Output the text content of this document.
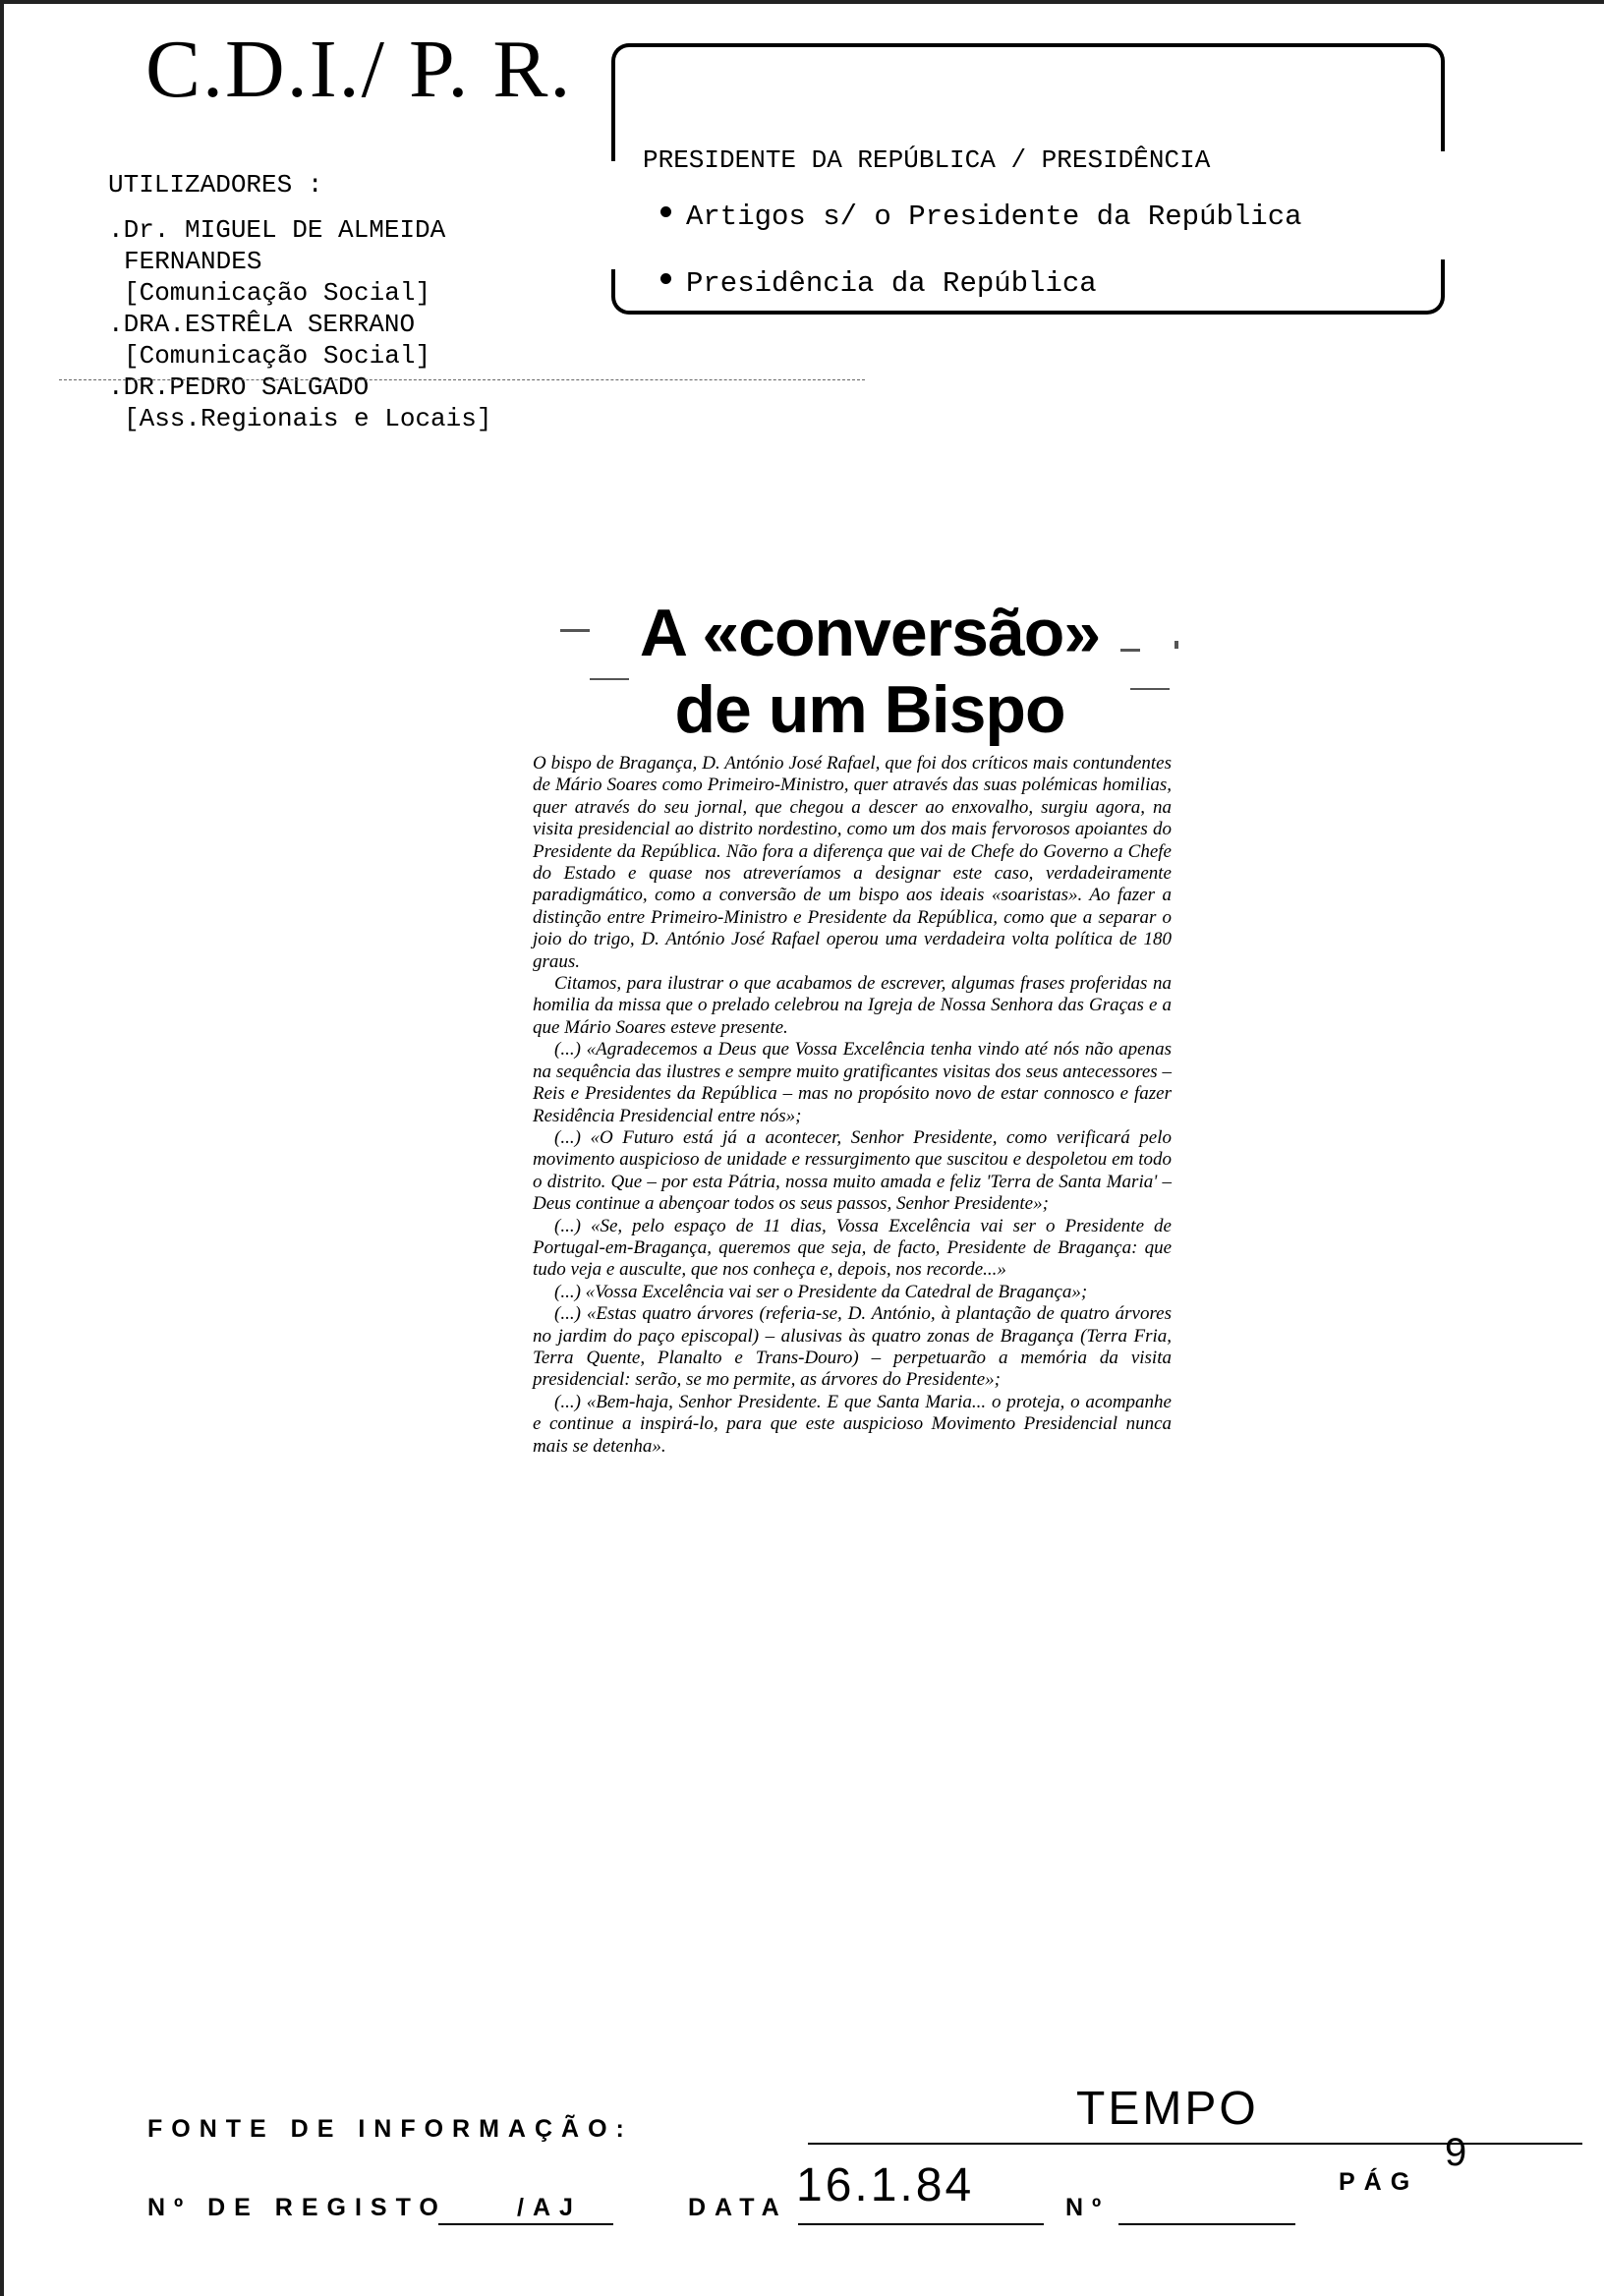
C.D.I./ P. R.
UTILIZADORES :
.Dr. MIGUEL DE ALMEIDA
FERNANDES
[Comunicação Social]
.DRA.ESTRÊLA SERRANO
[Comunicação Social]
.DR.PEDRO SALGADO
[Ass.Regionais e Locais]
PRESIDENTE DA REPÚBLICA / PRESIDÊNCIA
Artigos s/ o Presidente da República
Presidência da República
A «conversão»
de um Bispo

O bispo de Bragança, D. António José Rafael, que foi dos críticos mais contundentes de Mário Soares como Primeiro-Ministro, quer através das suas polémicas homilias, quer através do seu jornal, que chegou a descer ao enxovalho, surgiu agora, na visita presidencial ao distrito nordestino, como um dos mais fervorosos apoiantes do Presidente da República. Não fora a diferença que vai de Chefe do Governo a Chefe do Estado e quase nos atreveríamos a designar este caso, verdadeiramente paradigmático, como a conversão de um bispo aos ideais «soaristas». Ao fazer a distinção entre Primeiro-Ministro e Presidente da República, como que a separar o joio do trigo, D. António José Rafael operou uma verdadeira volta política de 180 graus.

Citamos, para ilustrar o que acabamos de escrever, algumas frases proferidas na homilia da missa que o prelado celebrou na Igreja de Nossa Senhora das Graças e a que Mário Soares esteve presente.

(...) «Agradecemos a Deus que Vossa Excelência tenha vindo até nós não apenas na sequência das ilustres e sempre muito gratificantes visitas dos seus antecessores – Reis e Presidentes da República – mas no propósito novo de estar connosco e fazer Residência Presidencial entre nós»;

(...) «O Futuro está já a acontecer, Senhor Presidente, como verificará pelo movimento auspicioso de unidade e ressurgimento que suscitou e despoletou em todo o distrito. Que – por esta Pátria, nossa muito amada e feliz 'Terra de Santa Maria' – Deus continue a abençoar todos os seus passos, Senhor Presidente»;

(...) «Se, pelo espaço de 11 dias, Vossa Excelência vai ser o Presidente de Portugal-em-Bragança, queremos que seja, de facto, Presidente de Bragança: que tudo veja e ausculte, que nos conheça e, depois, nos recorde...»

(...) «Vossa Excelência vai ser o Presidente da Catedral de Bragança»;

(...) «Estas quatro árvores (referia-se, D. António, à plantação de quatro árvores no jardim do paço episcopal) – alusivas às quatro zonas de Bragança (Terra Fria, Terra Quente, Planalto e Trans-Douro) – perpetuarão a memória da visita presidencial: serão, se mo permite, as árvores do Presidente»;

(...) «Bem-haja, Senhor Presidente. E que Santa Maria... o proteja, o acompanhe e continue a inspirá-lo, para que este auspicioso Movimento Presidencial nunca mais se detenha».

FONTE DE INFORMAÇÃO:	TEMPO
Nº DE REGISTO	/AJ	DATA 16.1.84	Nº
PÁG
9
